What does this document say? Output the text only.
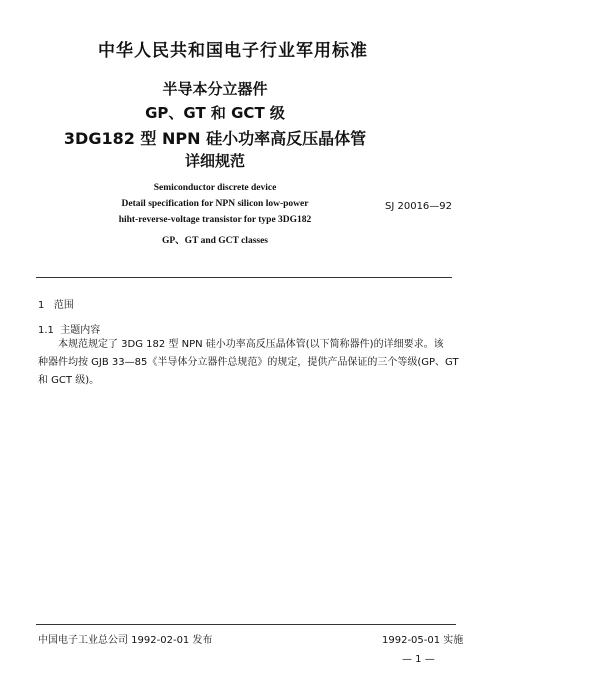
中华人民共和国电子行业军用标准
半导本分立器件
GP、GT 和 GCT 级
3DG182 型 NPN 硅小功率高反压晶体管
详细规范
Semiconductor discrete device
Detail specification for NPN silicon low-power
hiht-reverse-voltage transistor for type 3DG182
GP、GT and GCT classes
SJ 20016—92
1 范围
1.1 主题内容
本规范规定了 3DG 182 型 NPN 硅小功率高反压晶体管(以下简称器件)的详细要求。该
种器件均按 GJB 33—85《半导体分立器件总规范》的规定，提供产品保证的三个等级(GP、GT
和 GCT 级)。
中国电子工业总公司 1992-02-01 发布	1992-05-01 实施
— 1 —
